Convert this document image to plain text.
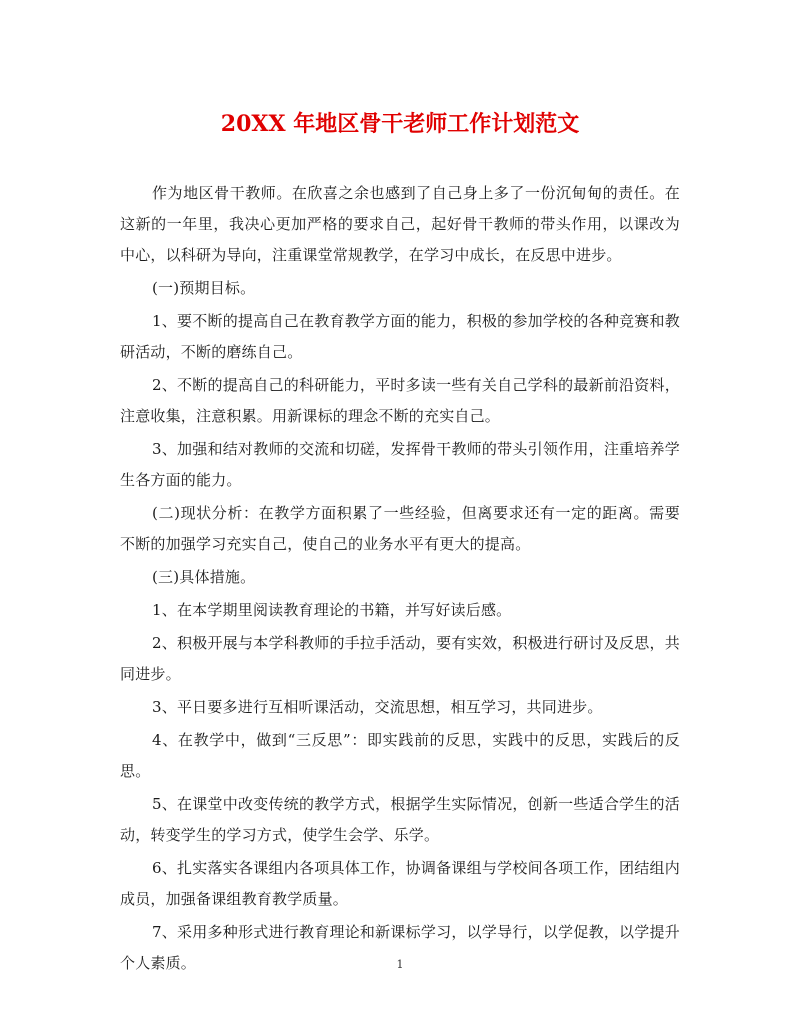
20XX 年地区骨干老师工作计划范文

作为地区骨干教师。在欣喜之余也感到了自己身上多了一份沉甸甸的责任。在这新的一年里，我决心更加严格的要求自己，起好骨干教师的带头作用，以课改为中心，以科研为导向，注重课堂常规教学，在学习中成长，在反思中进步。

(一)预期目标。

1、要不断的提高自己在教育教学方面的能力，积极的参加学校的各种竞赛和教研活动，不断的磨练自己。

2、不断的提高自己的科研能力，平时多读一些有关自己学科的最新前沿资料，注意收集，注意积累。用新课标的理念不断的充实自己。

3、加强和结对教师的交流和切磋，发挥骨干教师的带头引领作用，注重培养学生各方面的能力。

(二)现状分析：在教学方面积累了一些经验，但离要求还有一定的距离。需要不断的加强学习充实自己，使自己的业务水平有更大的提高。

(三)具体措施。

1、在本学期里阅读教育理论的书籍，并写好读后感。

2、积极开展与本学科教师的手拉手活动，要有实效，积极进行研讨及反思，共同进步。

3、平日要多进行互相听课活动，交流思想，相互学习，共同进步。

4、在教学中，做到“三反思”：即实践前的反思，实践中的反思，实践后的反思。

5、在课堂中改变传统的教学方式，根据学生实际情况，创新一些适合学生的活动，转变学生的学习方式，使学生会学、乐学。

6、扎实落实各课组内各项具体工作，协调备课组与学校间各项工作，团结组内成员，加强备课组教育教学质量。

7、采用多种形式进行教育理论和新课标学习，以学导行，以学促教，以学提升个人素质。	1
